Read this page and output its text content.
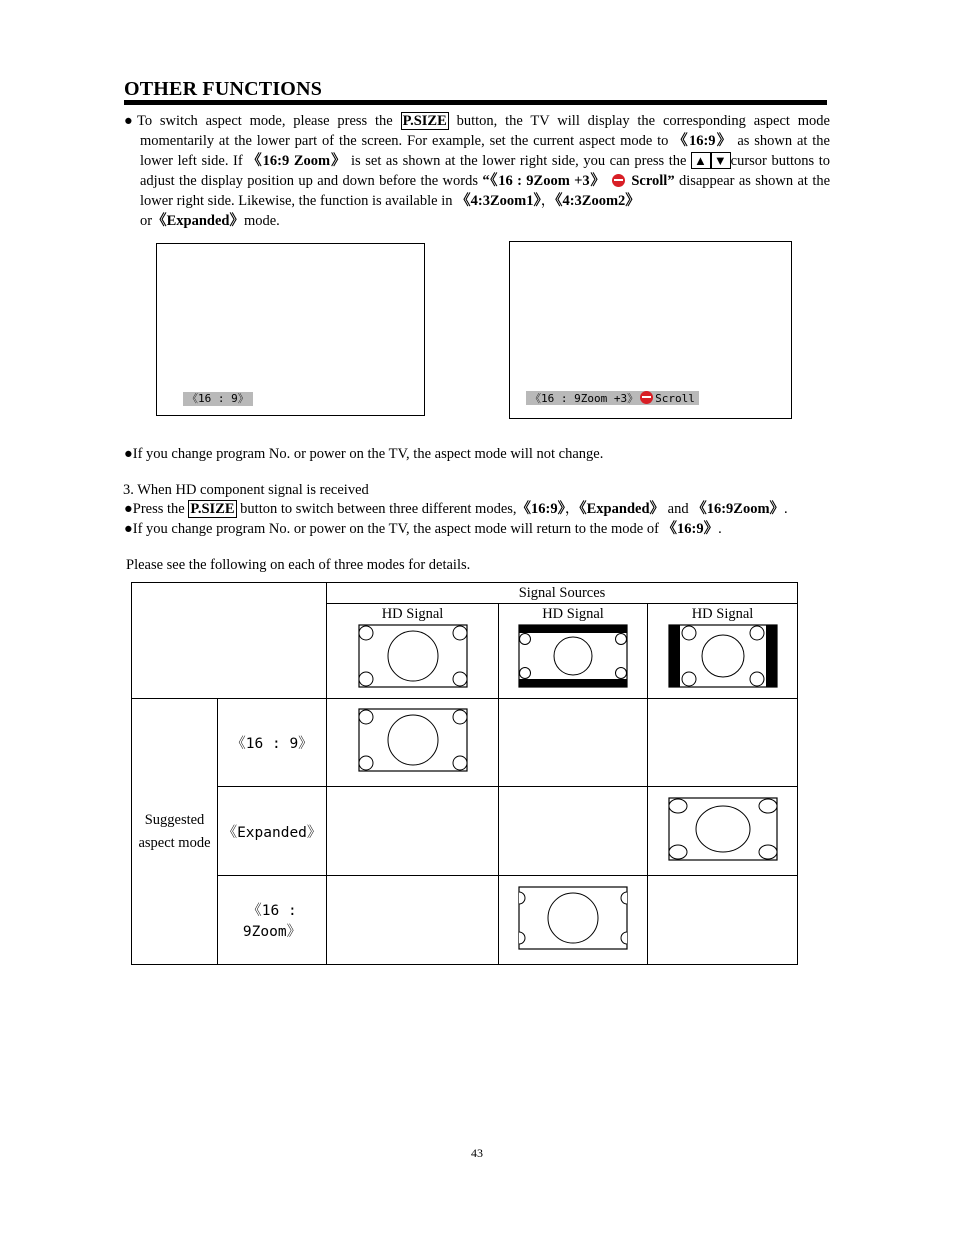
OTHER FUNCTIONS

●To switch aspect mode, please press the P.SIZE button, the TV will display the corresponding aspect mode momentarily at the lower part of the screen. For example, set the current aspect mode to 《16:9》 as shown at the lower left side. If 《16:9 Zoom》 is set as shown at the lower right side, you can press the ▲ ▼ cursor buttons to adjust the display position up and down before the words “《16 : 9Zoom +3》 Scroll” disappear as shown at the lower right side. Likewise, the function is available in 《4:3Zoom1》，《4:3Zoom2》
or《Expanded》mode.

《16 : 9》	《16 : 9Zoom +3》 Scroll
●If you change program No. or power on the TV, the aspect mode will not change.
3. When HD component signal is received
●Press the P.SIZE button to switch between three different modes,《16:9》，《Expanded》 and 《16:9Zoom》.
●If you change program No. or power on the TV, the aspect mode will return to the mode of 《16:9》.
Please see the following on each of three modes for details.
		Signal Sources		

		HD Signal	HD Signal	HD Signal

Suggested aspect mode	《16 : 9》			
	《Expanded》			
	《16 : 9Zoom》			
43
